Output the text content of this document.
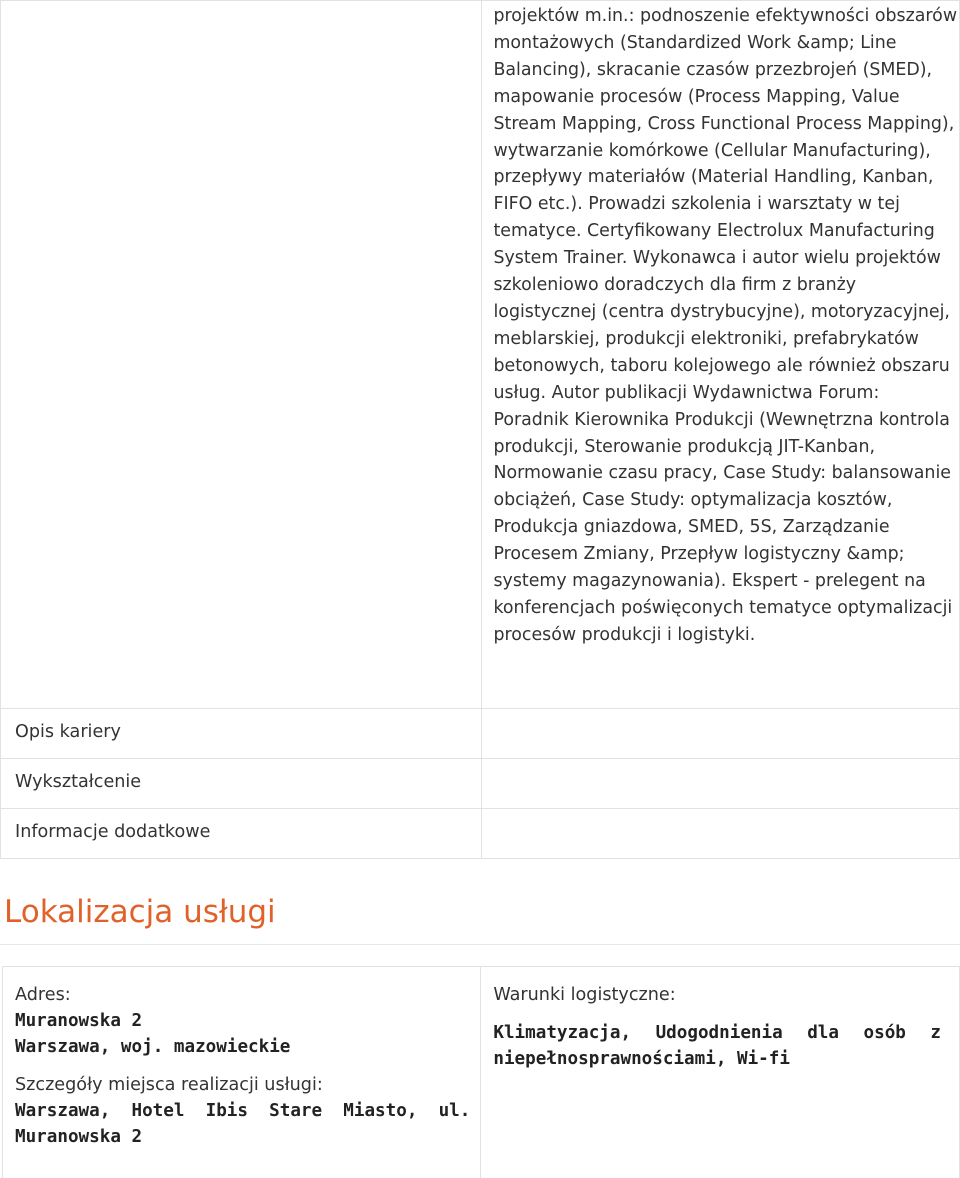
	projektów m.in.: podnoszenie efektywności obszarów montażowych (Standardized Work &amp; Line Balancing), skracanie czasów przezbrojeń (SMED), mapowanie procesów (Process Mapping, Value Stream Mapping, Cross Functional Process Mapping), wytwarzanie komórkowe (Cellular Manufacturing), przepływy materiałów (Material Handling, Kanban, FIFO etc.). Prowadzi szkolenia i warsztaty w tej tematyce. Certyfikowany Electrolux Manufacturing System Trainer. Wykonawca i autor wielu projektów szkoleniowo doradczych dla firm z branży logistycznej (centra dystrybucyjne), motoryzacyjnej, meblarskiej, produkcji elektroniki, prefabrykatów betonowych, taboru kolejowego ale również obszaru usług. Autor publikacji Wydawnictwa Forum: Poradnik Kierownika Produkcji (Wewnętrzna kontrola produkcji, Sterowanie produkcją JIT-Kanban, Normowanie czasu pracy, Case Study: balansowanie obciążeń, Case Study: optymalizacja kosztów, Produkcja gniazdowa, SMED, 5S, Zarządzanie Procesem Zmiany, Przepływ logistyczny &amp; systemy magazynowania). Ekspert - prelegent na konferencjach poświęconych tematyce optymalizacji procesów produkcji i logistyki.

Opis kariery	
Wykształcenie	
Informacje dodatkowe	
Lokalizacja usługi
Adres:
Muranowska 2
Warszawa, woj. mazowieckie
Szczegóły miejsca realizacji usługi:
Warszawa, Hotel Ibis Stare Miasto, ul. Muranowska 2

Warunki logistyczne:
Klimatyzacja, Udogodnienia dla osób z niepełnosprawnościami, Wi-fi
